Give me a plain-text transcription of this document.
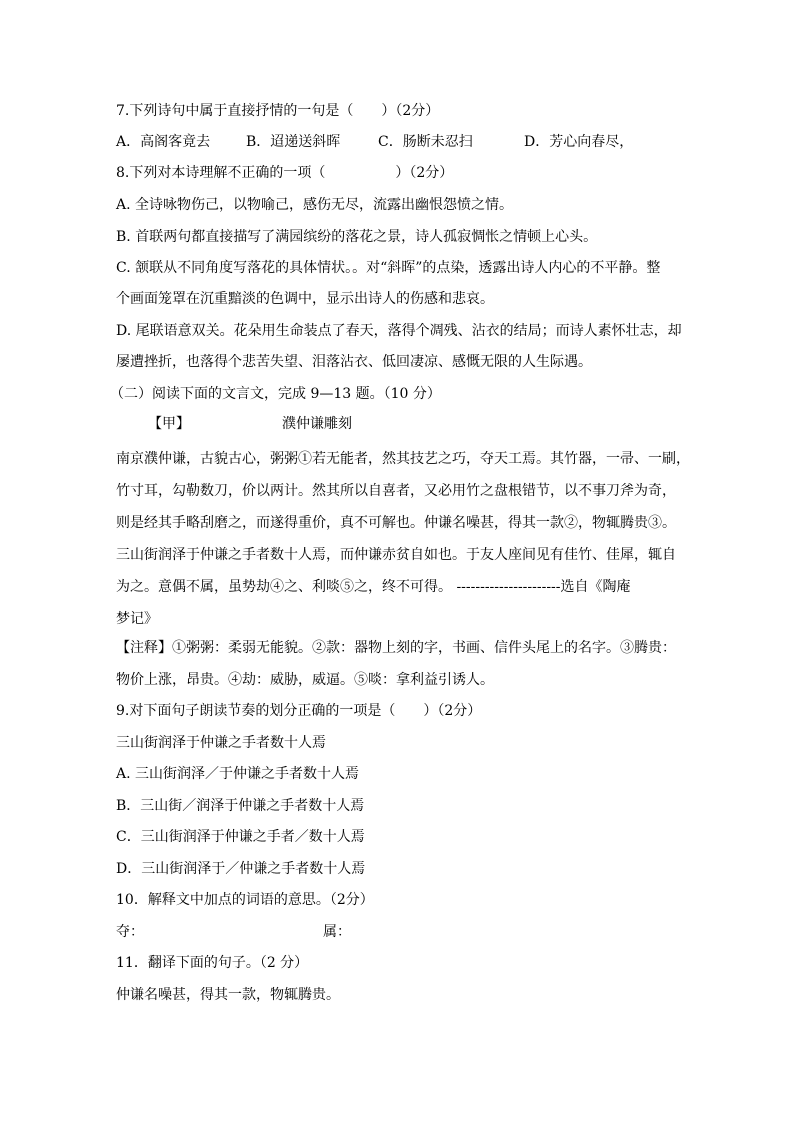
7.下列诗句中属于直接抒情的一句是（　　）（2分）
A．高阁客竟去	B．迢递送斜晖	C．肠断未忍扫	D．芳心向春尽，
8.下列对本诗理解不正确的一项（　　　　　）（2分）
A. 全诗咏物伤己，以物喻己，感伤无尽，流露出幽恨怨愤之情。
B. 首联两句都直接描写了满园缤纷的落花之景，诗人孤寂惆怅之情顿上心头。
C. 颔联从不同角度写落花的具体情状。。对“斜晖”的点染，透露出诗人内心的不平静。整
个画面笼罩在沉重黯淡的色调中，显示出诗人的伤感和悲哀。
D. 尾联语意双关。花朵用生命装点了春天，落得个凋残、沾衣的结局；而诗人素怀壮志，却
屡遭挫折，也落得个悲苦失望、泪落沾衣、低回凄凉、感慨无限的人生际遇。
（二）阅读下面的文言文，完成 9—13 题。（10 分）
【甲】	濮仲谦雕刻
南京濮仲谦，古貌古心，粥粥①若无能者，然其技艺之巧，夺天工焉。其竹器，一帚、一刷，
竹寸耳，勾勒数刀，价以两计。然其所以自喜者，又必用竹之盘根错节，以不事刀斧为奇，
则是经其手略刮磨之，而遂得重价，真不可解也。仲谦名噪甚，得其一款②，物辄腾贵③。
三山街润泽于仲谦之手者数十人焉，而仲谦赤贫自如也。于友人座间见有佳竹、佳犀，辄自
为之。意偶不属，虽势劫④之、利啖⑤之，终不可得。 ----------------------选自《陶庵
梦记》
【注释】①粥粥：柔弱无能貌。②款：器物上刻的字，书画、信件头尾上的名字。③腾贵：
物价上涨，昂贵。④劫：威胁，威逼。⑤啖：拿利益引诱人。
9.对下面句子朗读节奏的划分正确的一项是（　　）（2分）
三山街润泽于仲谦之手者数十人焉
A. 三山街润泽／于仲谦之手者数十人焉
B．三山街／润泽于仲谦之手者数十人焉
C．三山街润泽于仲谦之手者／数十人焉
D．三山街润泽于／仲谦之手者数十人焉
10．解释文中加点的词语的意思。（2分）
夺：	属：
11．翻译下面的句子。（2 分）
仲谦名噪甚，得其一款，物辄腾贵。
